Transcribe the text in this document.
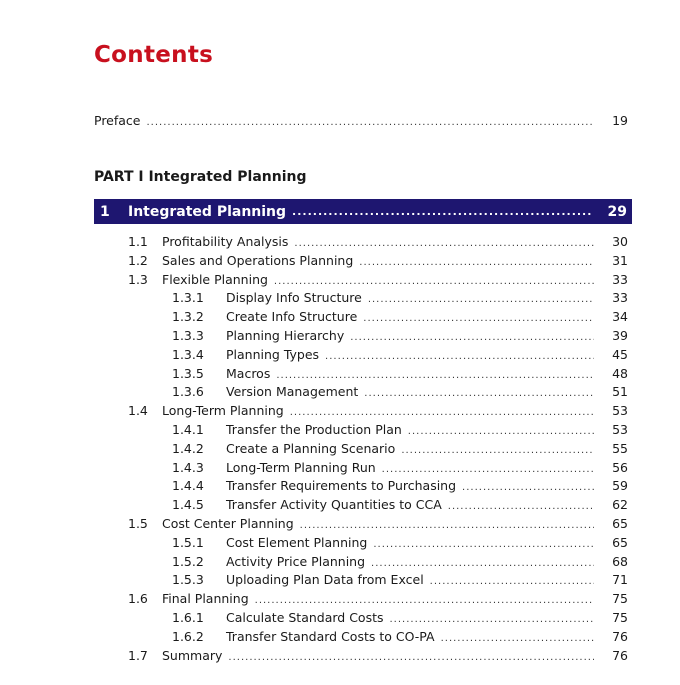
Contents
Preface .....	19
PART I Integrated Planning
1	Integrated Planning .....	29
1.1	Profitability Analysis .....	30
1.2	Sales and Operations Planning .....	31
1.3	Flexible Planning .....	33
1.3.1	Display Info Structure .....	33
1.3.2	Create Info Structure .....	34
1.3.3	Planning Hierarchy .....	39
1.3.4	Planning Types .....	45
1.3.5	Macros .....	48
1.3.6	Version Management .....	51
1.4	Long-Term Planning .....	53
1.4.1	Transfer the Production Plan .....	53
1.4.2	Create a Planning Scenario .....	55
1.4.3	Long-Term Planning Run .....	56
1.4.4	Transfer Requirements to Purchasing .....	59
1.4.5	Transfer Activity Quantities to CCA .....	62
1.5	Cost Center Planning .....	65
1.5.1	Cost Element Planning .....	65
1.5.2	Activity Price Planning .....	68
1.5.3	Uploading Plan Data from Excel .....	71
1.6	Final Planning .....	75
1.6.1	Calculate Standard Costs .....	75
1.6.2	Transfer Standard Costs to CO-PA .....	76
1.7	Summary .....	76
